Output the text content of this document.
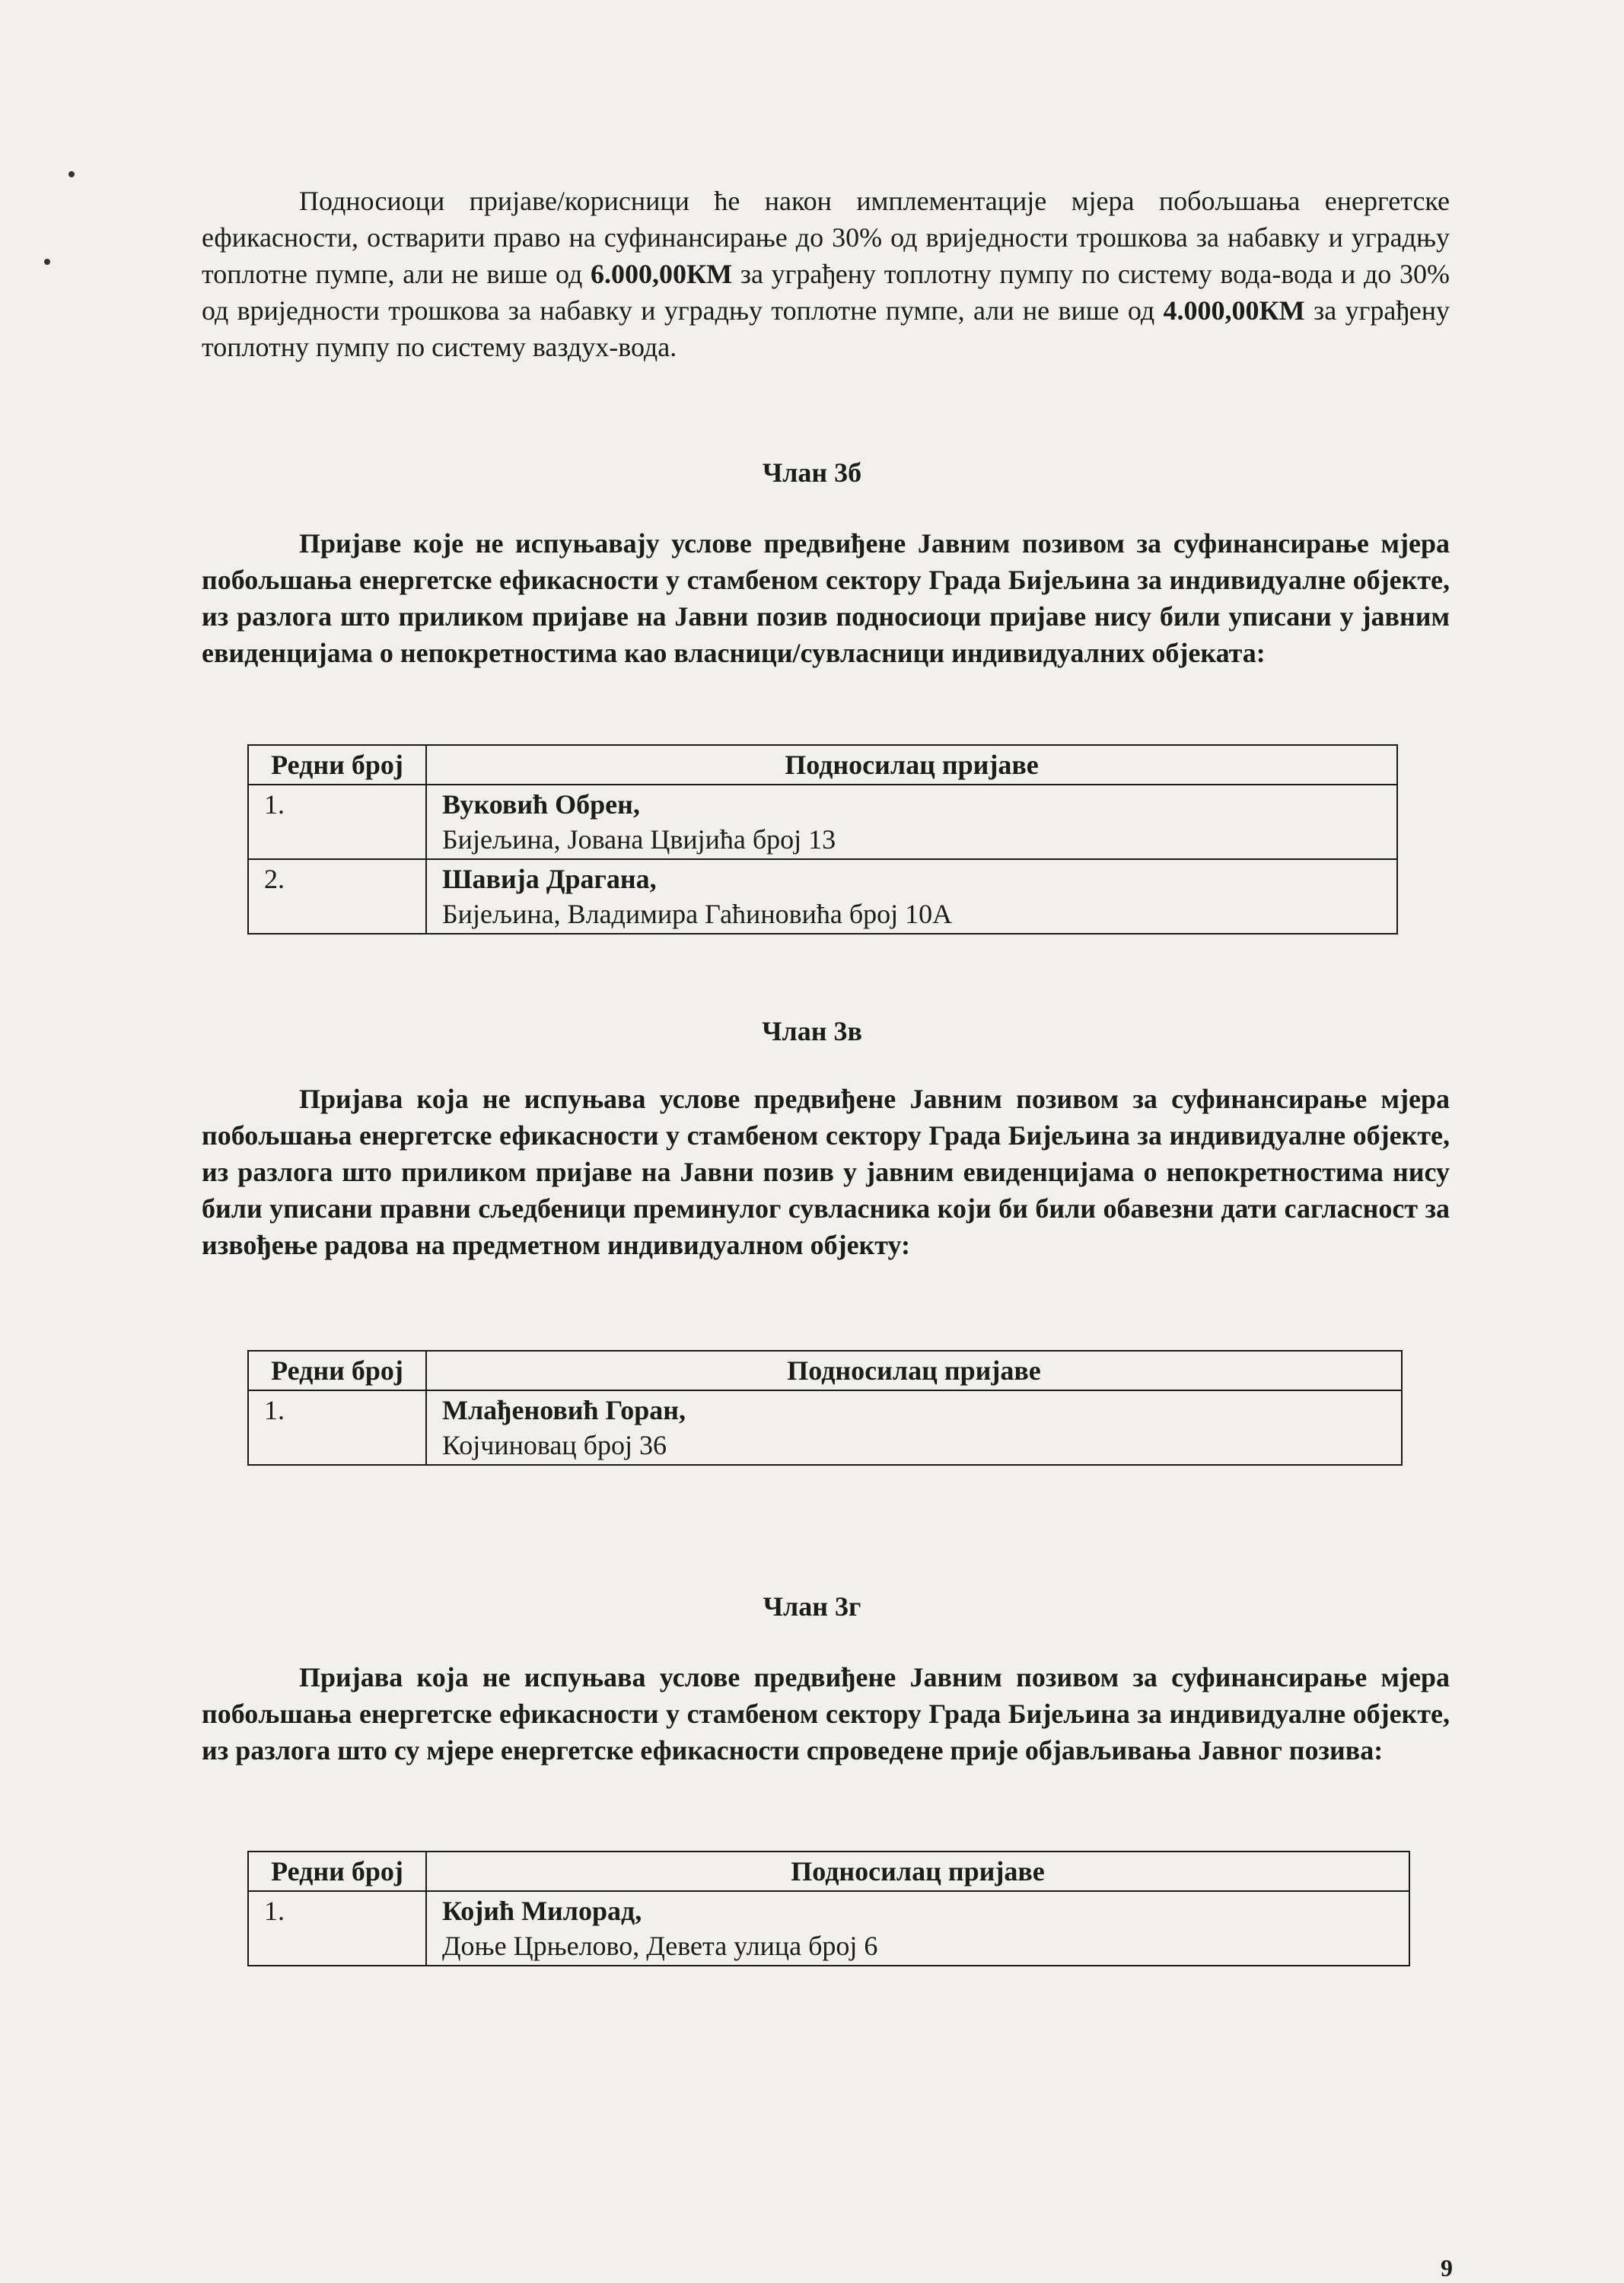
Подносиоци пријаве/корисници ће након имплементације мјера побољшања енергетске ефикасности, остварити право на суфинансирање до 30% од вриједности трошкова за набавку и уградњу топлотне пумпе, али не више од 6.000,00КМ за уграђену топлотну пумпу по систему вода-вода и до 30% од вриједности трошкова за набавку и уградњу топлотне пумпе, али не више од 4.000,00КМ за уграђену топлотну пумпу по систему ваздух-вода.

Члан 3б

Пријаве које не испуњавају услове предвиђене Јавним позивом за суфинансирање мјера побољшања енергетске ефикасности у стамбеном сектору Града Бијељина за индивидуалне објекте, из разлога што приликом пријаве на Јавни позив подносиоци пријаве нису били уписани у јавним евиденцијама о непокретностима као власници/сувласници индивидуалних објеката:

Редни број	Подносилац пријаве
1.	Вуковић Обрен,
Бијељина, Јована Цвијића број 13

2.	Шавија Драгана,
Бијељина, Владимира Гаћиновића број 10А
Члан 3в

Пријава која не испуњава услове предвиђене Јавним позивом за суфинансирање мјера побољшања енергетске ефикасности у стамбеном сектору Града Бијељина за индивидуалне објекте, из разлога што приликом пријаве на Јавни позив у јавним евиденцијама о непокретностима нису били уписани правни сљедбеници преминулог сувласника који би били обавезни дати сагласност за извођење радова на предметном индивидуалном објекту:

Редни број	Подносилац пријаве
1.	Млађеновић Горан,
Којчиновац број 36
Члан 3г

Пријава која не испуњава услове предвиђене Јавним позивом за суфинансирање мјера побољшања енергетске ефикасности у стамбеном сектору Града Бијељина за индивидуалне објекте, из разлога што су мјере енергетске ефикасности спроведене прије објављивања Јавног позива:

Редни број	Подносилац пријаве
1.	Којић Милорад,
Доње Црњелово, Девета улица број 6
9
